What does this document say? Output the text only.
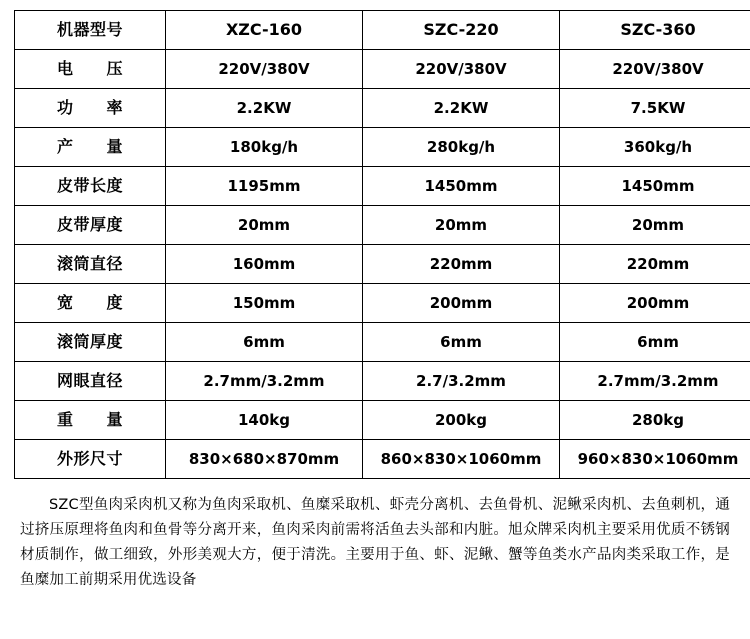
机器型号	XZC-160	SZC-220	SZC-360
电　　压	220V/380V	220V/380V	220V/380V
功　　率	2.2KW	2.2KW	7.5KW
产　　量	180kg/h	280kg/h	360kg/h
皮带长度	1195mm	1450mm	1450mm
皮带厚度	20mm	20mm	20mm
滚筒直径	160mm	220mm	220mm
宽　　度	150mm	200mm	200mm
滚筒厚度	6mm	6mm	6mm
网眼直径	2.7mm/3.2mm	2.7/3.2mm	2.7mm/3.2mm
重　　量	140kg	200kg	280kg
外形尺寸	830×680×870mm	860×830×1060mm	960×830×1060mm

SZC型鱼肉采肉机又称为鱼肉采取机、鱼糜采取机、虾壳分离机、去鱼骨机、泥鳅采肉机、去鱼刺机，通过挤压原理将鱼肉和鱼骨等分离开来，鱼肉采肉前需将活鱼去头部和内脏。旭众牌采肉机主要采用优质不锈钢材质制作，做工细致，外形美观大方，便于清洗。主要用于鱼、虾、泥鳅、蟹等鱼类水产品肉类采取工作，是鱼糜加工前期采用优选设备
